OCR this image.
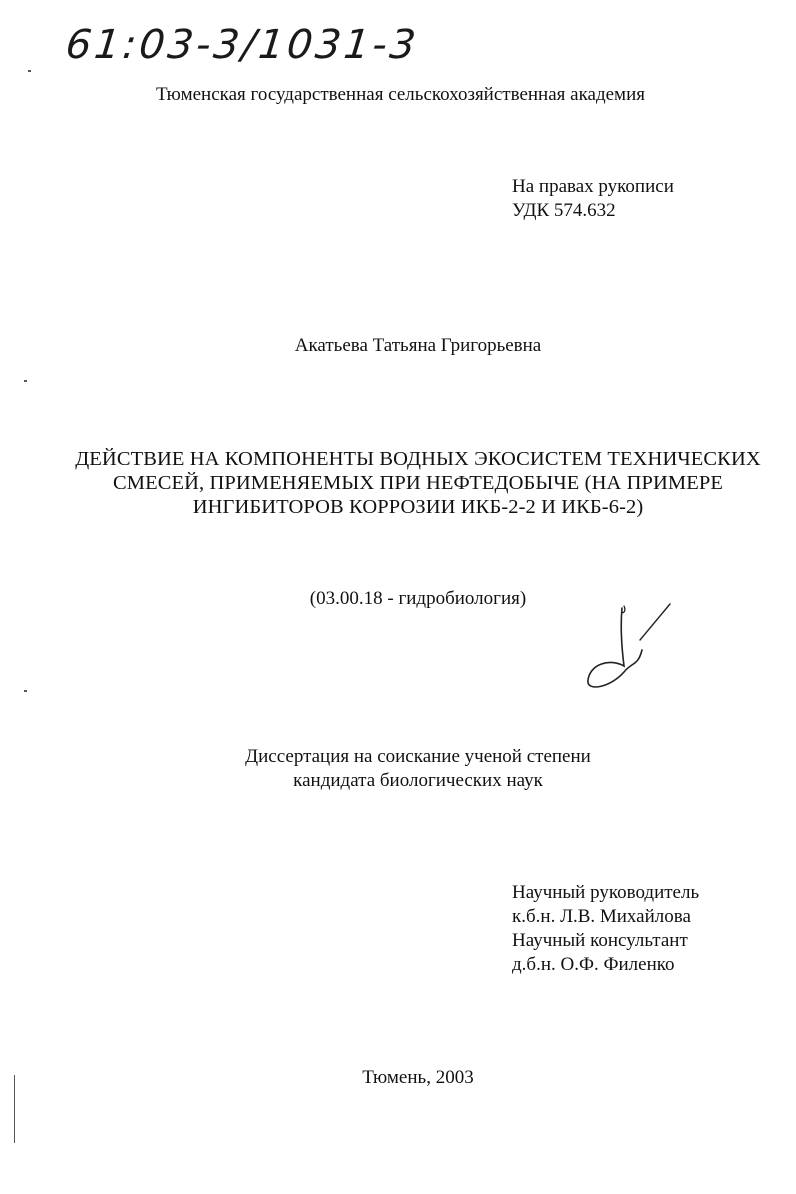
61:03-3/1031-3
Тюменская государственная сельскохозяйственная академия
На правах рукописи
УДК 574.632
Акатьева Татьяна Григорьевна
ДЕЙСТВИЕ НА КОМПОНЕНТЫ ВОДНЫХ ЭКОСИСТЕМ ТЕХНИЧЕСКИХ
СМЕСЕЙ, ПРИМЕНЯЕМЫХ ПРИ НЕФТЕДОБЫЧЕ (НА ПРИМЕРЕ
ИНГИБИТОРОВ КОРРОЗИИ ИКБ-2-2 И ИКБ-6-2)
(03.00.18 - гидробиология)
Диссертация на соискание ученой степени
кандидата биологических наук
Научный руководитель
к.б.н. Л.В. Михайлова
Научный консультант
д.б.н. О.Ф. Филенко
Тюмень, 2003
